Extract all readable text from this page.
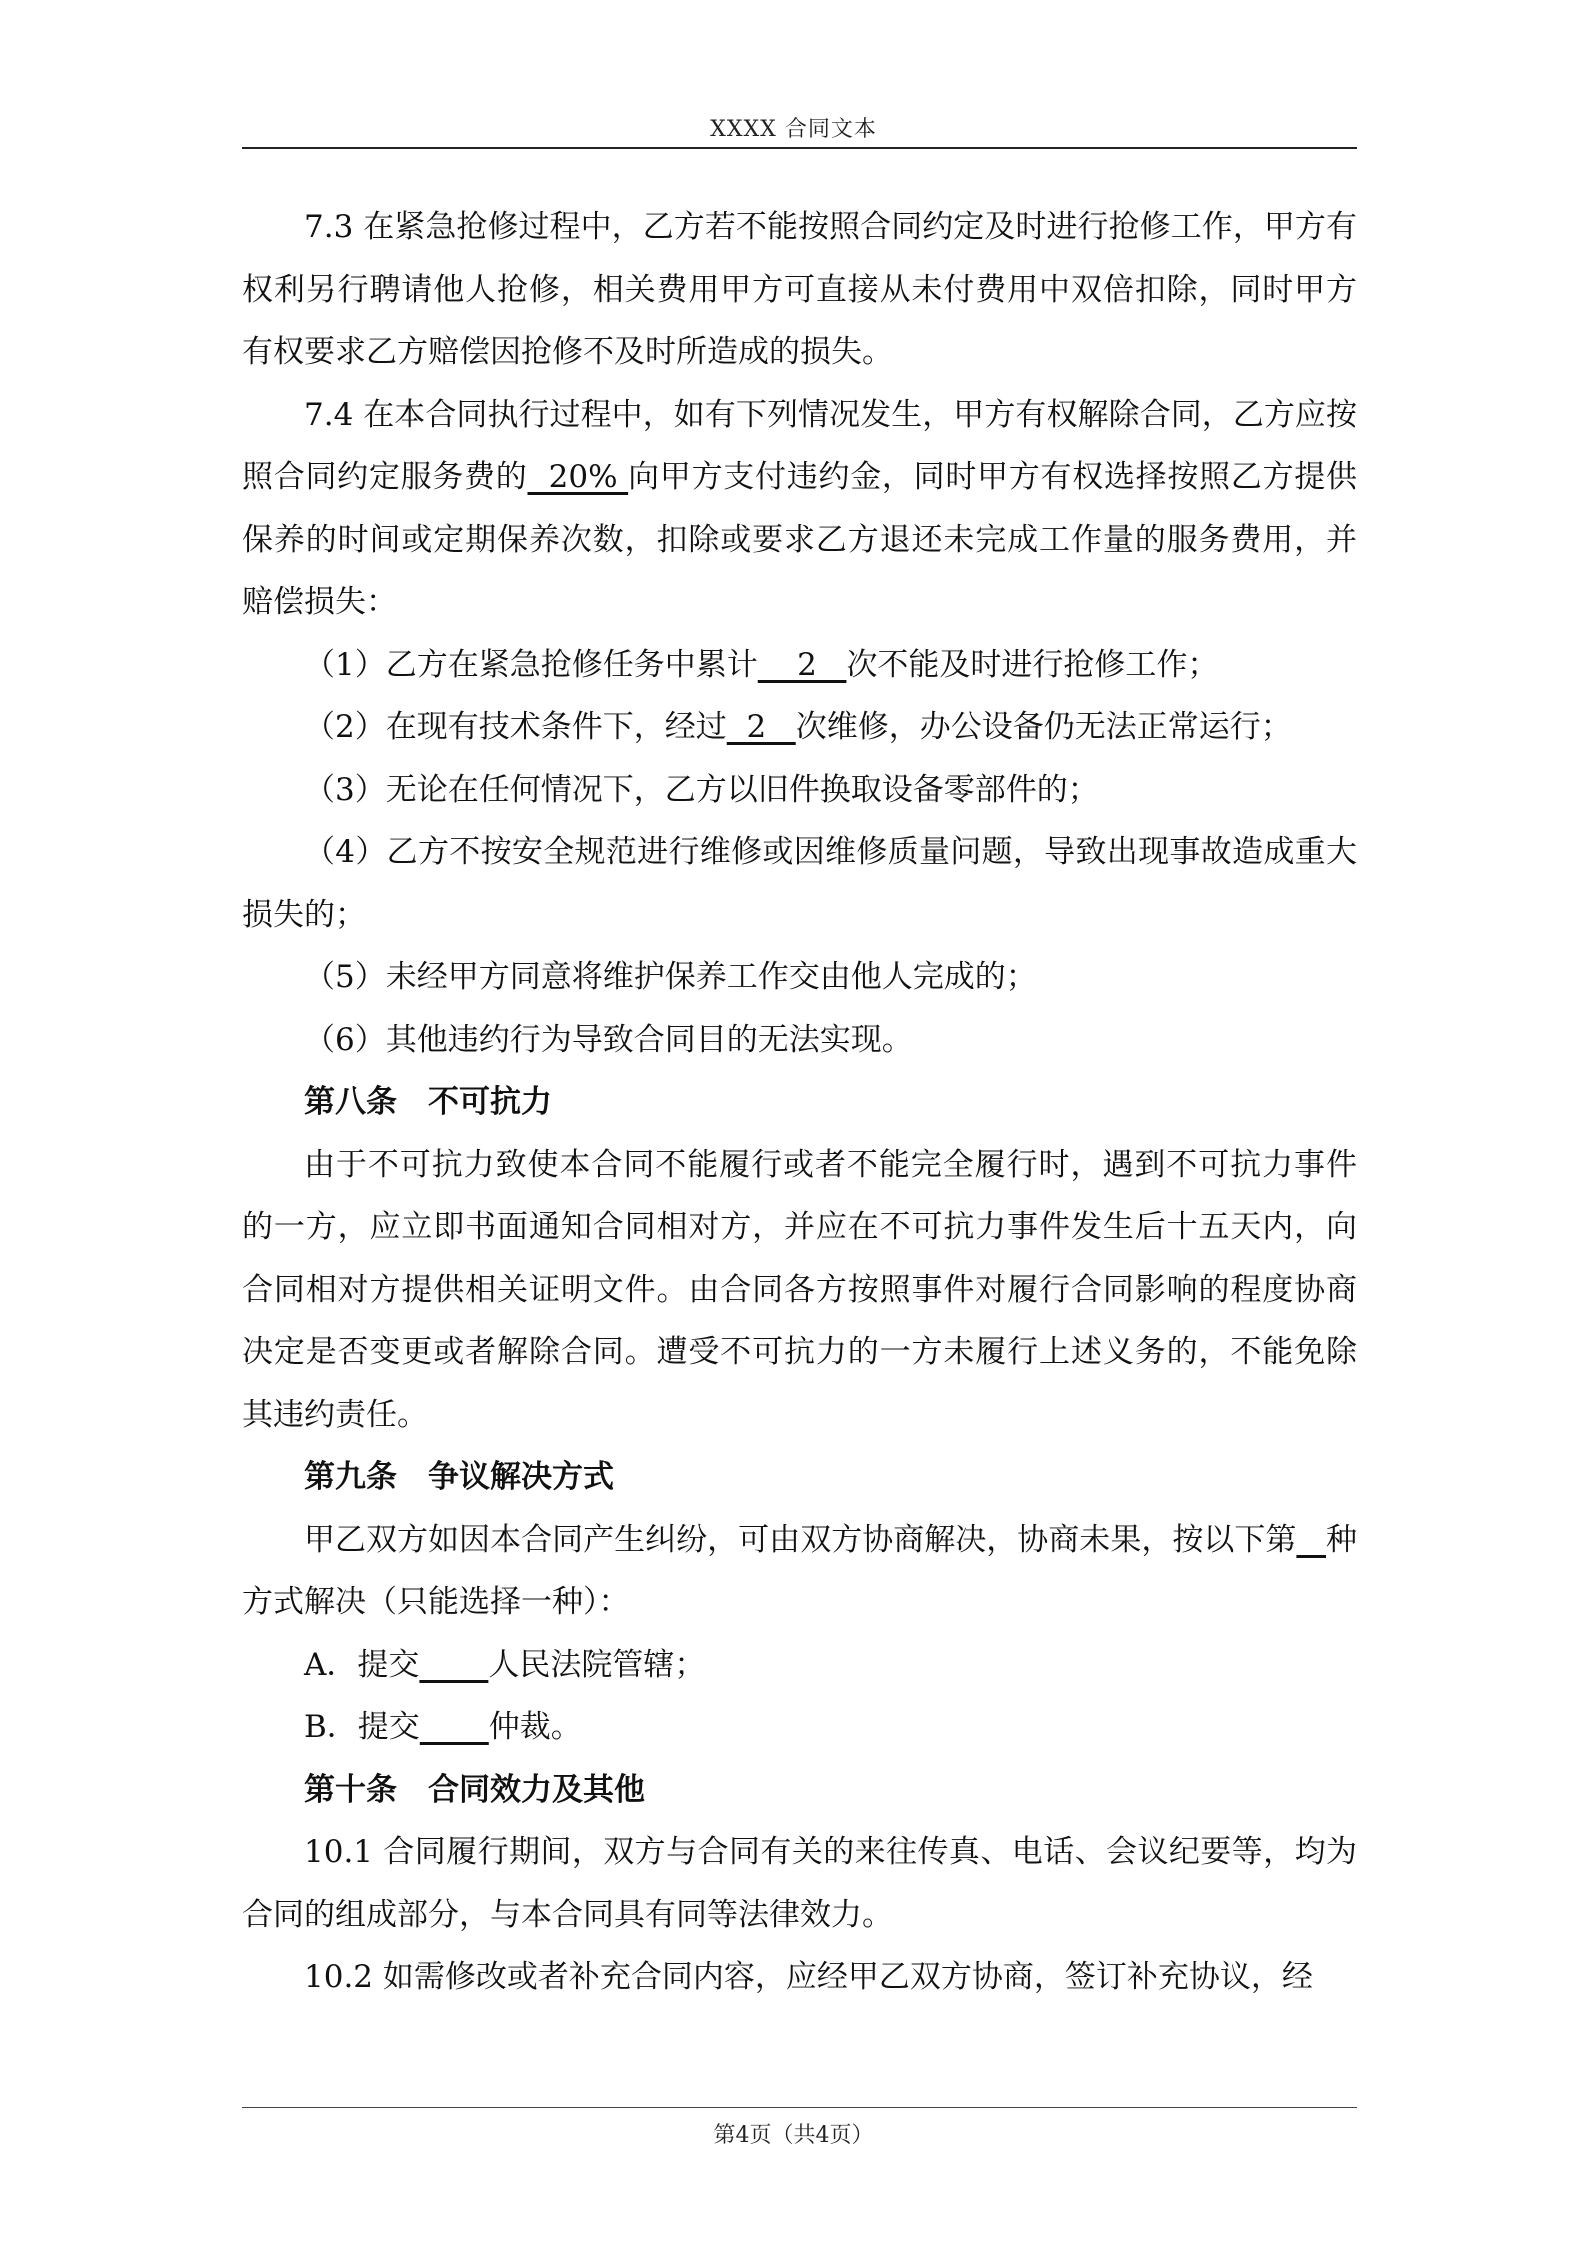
XXXX 合同文本

7.3 在紧急抢修过程中，乙方若不能按照合同约定及时进行抢修工作，甲方有权利另行聘请他人抢修，相关费用甲方可直接从未付费用中双倍扣除，同时甲方有权要求乙方赔偿因抢修不及时所造成的损失。

7.4 在本合同执行过程中，如有下列情况发生，甲方有权解除合同，乙方应按照合同约定服务费的  20% 向甲方支付违约金，同时甲方有权选择按照乙方提供保养的时间或定期保养次数，扣除或要求乙方退还未完成工作量的服务费用，并赔偿损失：

（1）乙方在紧急抢修任务中累计    2   次不能及时进行抢修工作；

（2）在现有技术条件下，经过  2   次维修，办公设备仍无法正常运行；

（3）无论在任何情况下，乙方以旧件换取设备零部件的；

（4）乙方不按安全规范进行维修或因维修质量问题，导致出现事故造成重大损失的；

（5）未经甲方同意将维护保养工作交由他人完成的；

（6）其他违约行为导致合同目的无法实现。

第八条　不可抗力

由于不可抗力致使本合同不能履行或者不能完全履行时，遇到不可抗力事件的一方，应立即书面通知合同相对方，并应在不可抗力事件发生后十五天内，向合同相对方提供相关证明文件。由合同各方按照事件对履行合同影响的程度协商决定是否变更或者解除合同。遭受不可抗力的一方未履行上述义务的，不能免除其违约责任。

第九条　争议解决方式

甲乙双方如因本合同产生纠纷，可由双方协商解决，协商未果，按以下第 种方式解决（只能选择一种）：

A．提交 人民法院管辖；

B．提交 仲裁。

第十条　合同效力及其他

10.1 合同履行期间，双方与合同有关的来往传真、电话、会议纪要等，均为合同的组成部分，与本合同具有同等法律效力。

10.2 如需修改或者补充合同内容，应经甲乙双方协商，签订补充协议，经

第4页（共4页）
